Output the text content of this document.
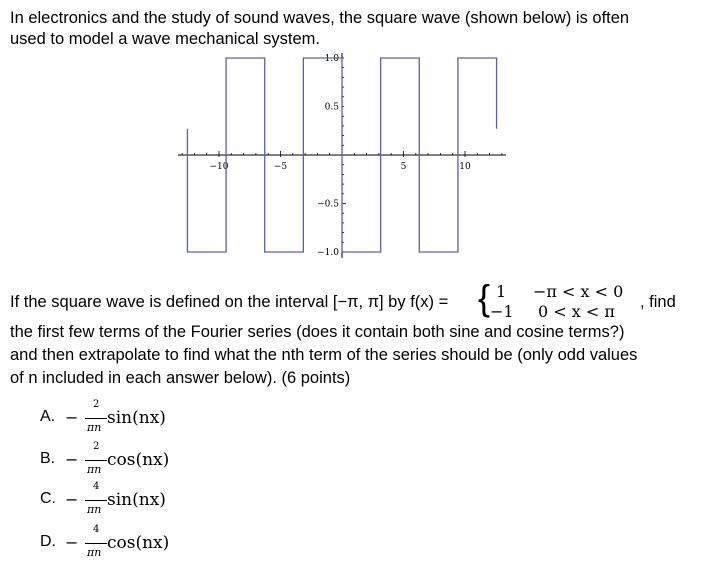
In electronics and the study of sound waves, the square wave (shown below) is often
used to model a wave mechanical system.
−10	−5	5	10
1.0
0.5
−0.5
−1.0
If the square wave is defined on the interval [−π, π] by f(x) = { 1 −π < x < 0
−1 0 < x < π , find
the first few terms of the Fourier series (does it contain both sine and cosine terms?)
and then extrapolate to find what the nth term of the series should be (only odd values
of n included in each answer below). (6 points)
A. −
2
πn sin(nx)
B. −
2
πn cos(nx)
C. −
4
πn sin(nx)
D. −
4
πn cos(nx)
